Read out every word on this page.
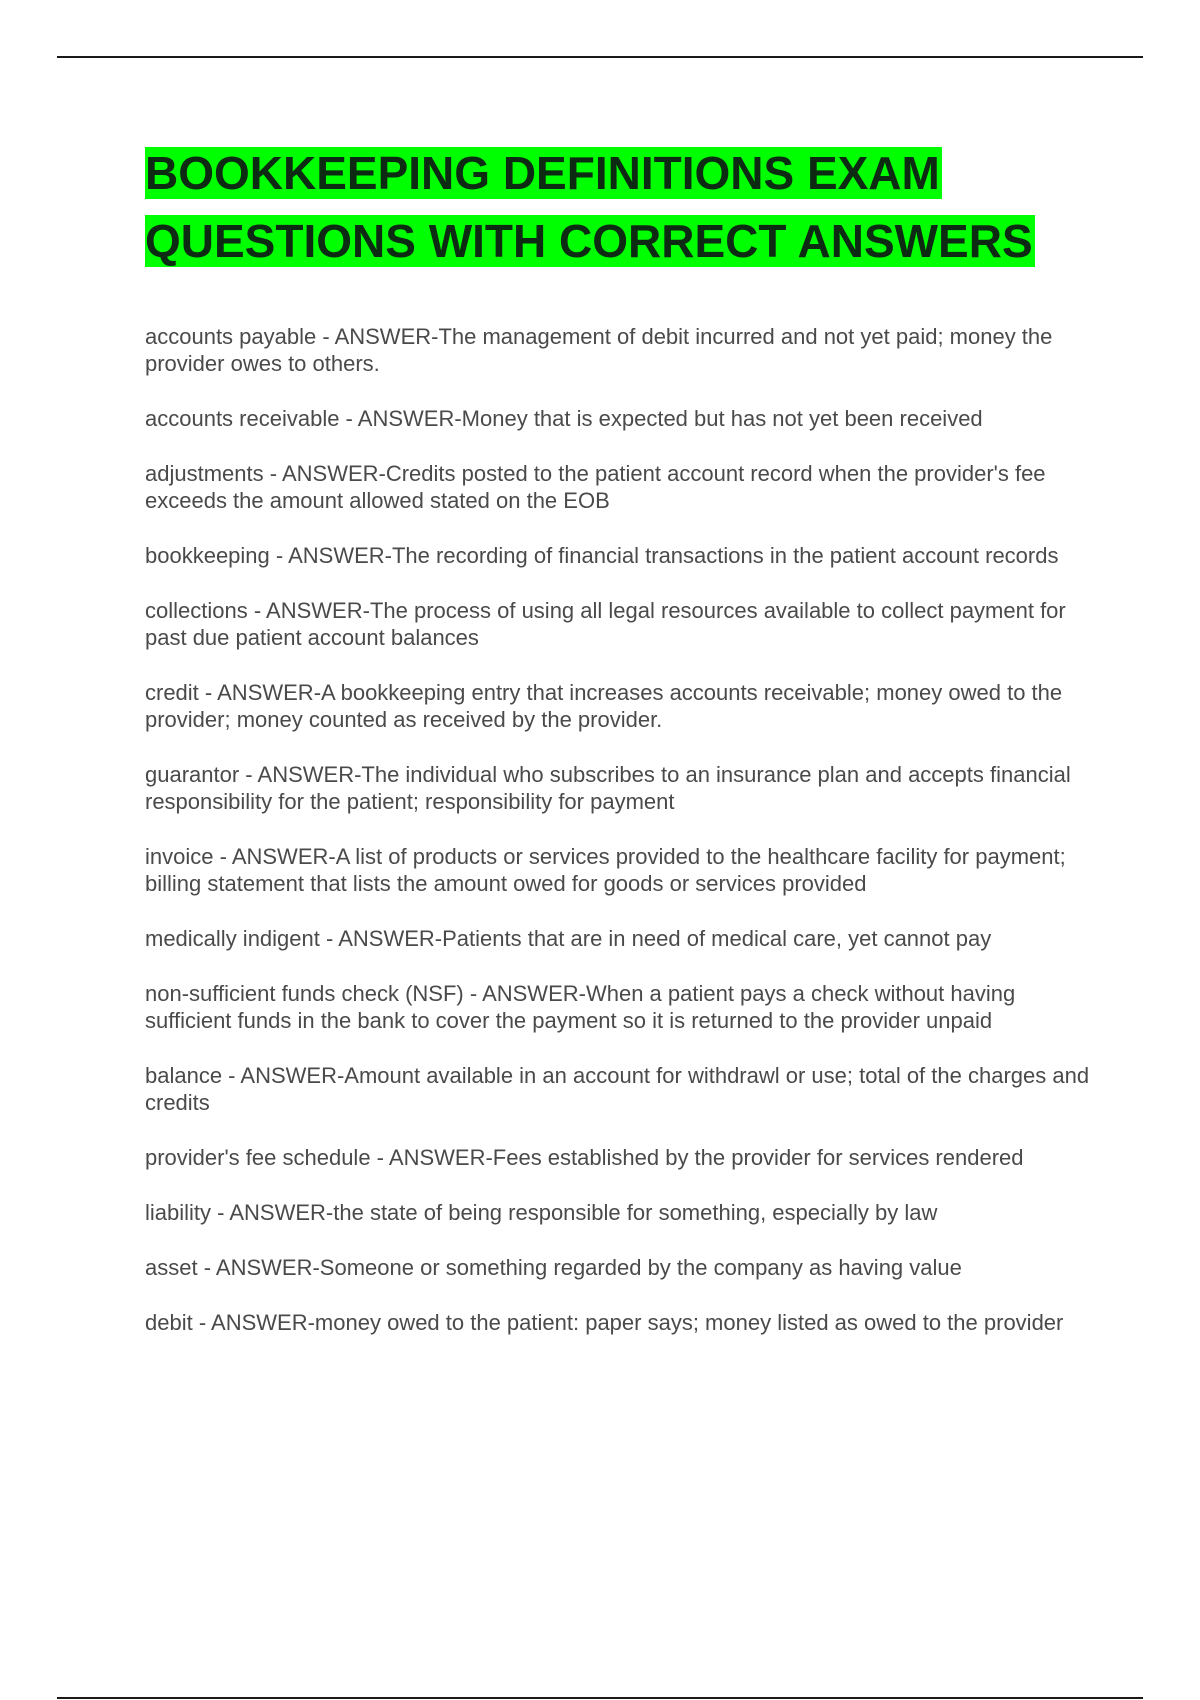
BOOKKEEPING DEFINITIONS EXAM QUESTIONS WITH CORRECT ANSWERS
accounts payable - ANSWER-The management of debit incurred and not yet paid; money the provider owes to others.
accounts receivable - ANSWER-Money that is expected but has not yet been received
adjustments - ANSWER-Credits posted to the patient account record when the provider's fee exceeds the amount allowed stated on the EOB
bookkeeping - ANSWER-The recording of financial transactions in the patient account records
collections - ANSWER-The process of using all legal resources available to collect payment for past due patient account balances
credit - ANSWER-A bookkeeping entry that increases accounts receivable; money owed to the provider; money counted as received by the provider.
guarantor - ANSWER-The individual who subscribes to an insurance plan and accepts financial responsibility for the patient; responsibility for payment
invoice - ANSWER-A list of products or services provided to the healthcare facility for payment; billing statement that lists the amount owed for goods or services provided
medically indigent - ANSWER-Patients that are in need of medical care, yet cannot pay
non-sufficient funds check (NSF) - ANSWER-When a patient pays a check without having sufficient funds in the bank to cover the payment so it is returned to the provider unpaid
balance - ANSWER-Amount available in an account for withdrawl or use; total of the charges and credits
provider's fee schedule - ANSWER-Fees established by the provider for services rendered
liability - ANSWER-the state of being responsible for something, especially by law
asset - ANSWER-Someone or something regarded by the company as having value
debit - ANSWER-money owed to the patient: paper says; money listed as owed to the provider
